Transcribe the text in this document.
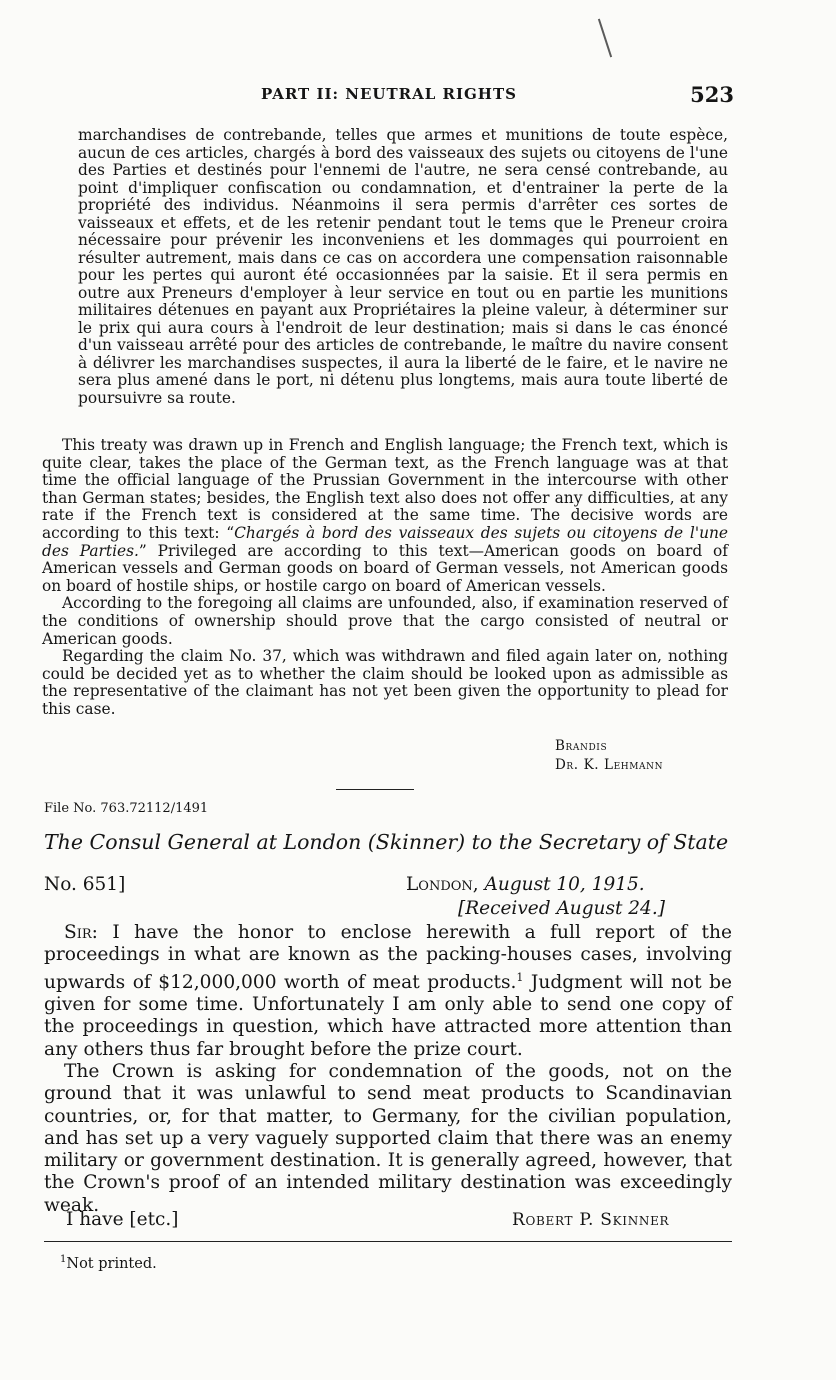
PART II: NEUTRAL RIGHTS	523
marchandises de contrebande, telles que armes et munitions de toute espèce, aucun de ces articles, chargés à bord des vaisseaux des sujets ou citoyens de l'une des Parties et destinés pour l'ennemi de l'autre, ne sera censé contrebande, au point d'impliquer confiscation ou condamnation, et d'entrainer la perte de la propriété des individus. Néanmoins il sera permis d'arrêter ces sortes de vaisseaux et effets, et de les retenir pendant tout le tems que le Preneur croira nécessaire pour prévenir les inconveniens et les dommages qui pourroient en résulter autrement, mais dans ce cas on accordera une compensation raisonnable pour les pertes qui auront été occasionnées par la saisie. Et il sera permis en outre aux Preneurs d'employer à leur service en tout ou en partie les munitions militaires détenues en payant aux Propriétaires la pleine valeur, à déterminer sur le prix qui aura cours à l'endroit de leur destination; mais si dans le cas énoncé d'un vaisseau arrêté pour des articles de contrebande, le maître du navire consent à délivrer les marchandises suspectes, il aura la liberté de le faire, et le navire ne sera plus amené dans le port, ni détenu plus longtems, mais aura toute liberté de poursuivre sa route.

This treaty was drawn up in French and English language; the French text, which is quite clear, takes the place of the German text, as the French language was at that time the official language of the Prussian Government in the intercourse with other than German states; besides, the English text also does not offer any difficulties, at any rate if the French text is considered at the same time. The decisive words are according to this text: “Chargés à bord des vaisseaux des sujets ou citoyens de l'une des Parties.” Privileged are according to this text—American goods on board of American vessels and German goods on board of German vessels, not American goods on board of hostile ships, or hostile cargo on board of American vessels.

According to the foregoing all claims are unfounded, also, if examination reserved of the conditions of ownership should prove that the cargo consisted of neutral or American goods.

Regarding the claim No. 37, which was withdrawn and filed again later on, nothing could be decided yet as to whether the claim should be looked upon as admissible as the representative of the claimant has not yet been given the opportunity to plead for this case.

Brandis
Dr. K. Lehmann
File No. 763.72112/1491
The Consul General at London (Skinner) to the Secretary of State
No. 651]	London, August 10, 1915.
[Received August 24.]

Sir: I have the honor to enclose herewith a full report of the proceedings in what are known as the packing-houses cases, involving upwards of $12,000,000 worth of meat products.$^1$ Judgment will not be given for some time. Unfortunately I am only able to send one copy of the proceedings in question, which have attracted more attention than any others thus far brought before the prize court.

The Crown is asking for condemnation of the goods, not on the ground that it was unlawful to send meat products to Scandinavian countries, or, for that matter, to Germany, for the civilian population, and has set up a very vaguely supported claim that there was an enemy military or government destination. It is generally agreed, however, that the Crown's proof of an intended military destination was exceedingly weak.

I have [etc.]	Robert P. Skinner
$^1$Not printed.
